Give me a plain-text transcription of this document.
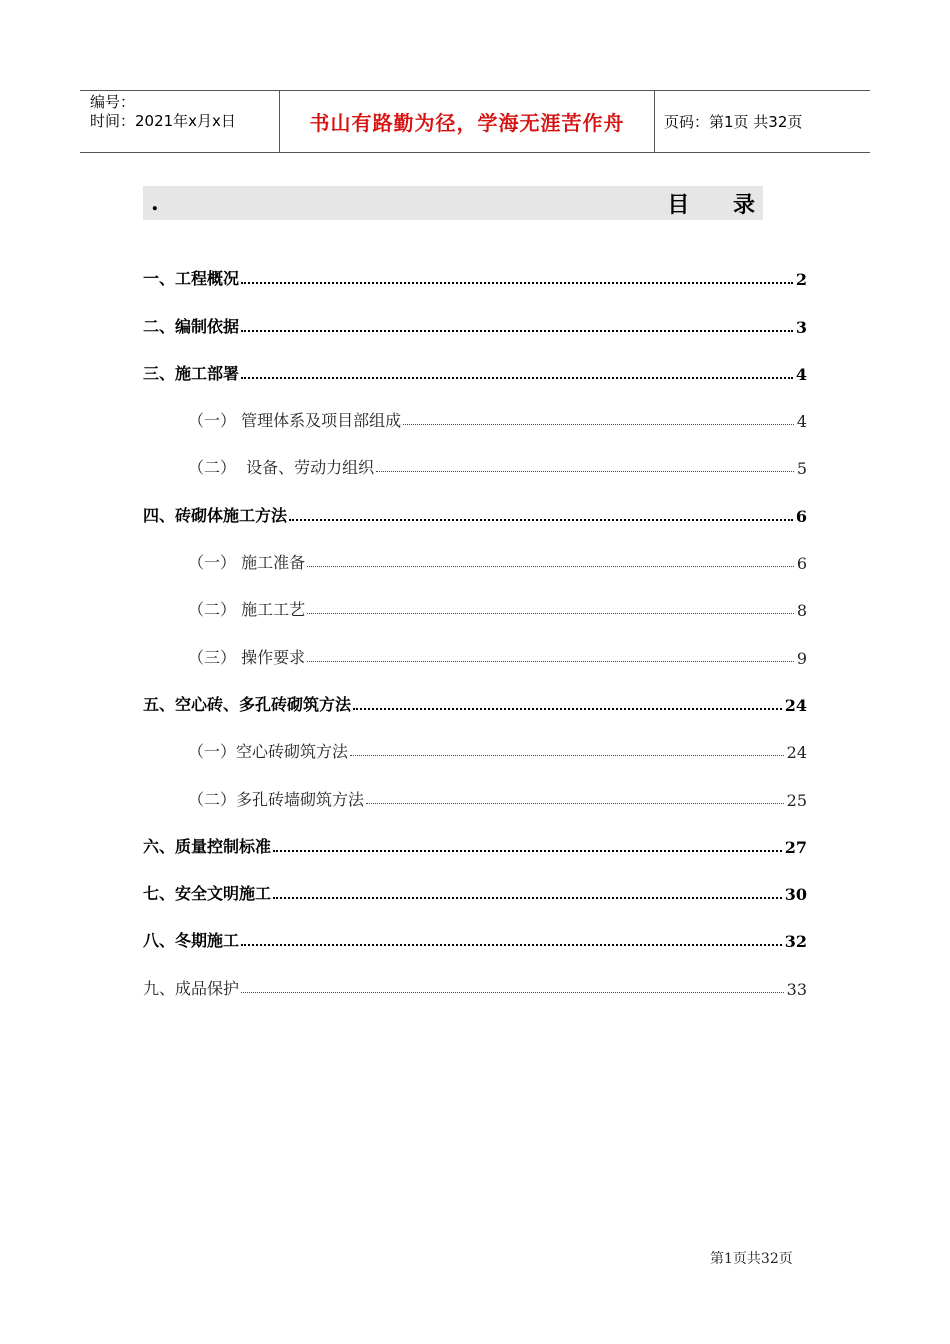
编号：
时间：2021年x月x日	书山有路勤为径，学海无涯苦作舟	页码：第1页 共32页
.	目 录
一、工程概况	2
二、编制依据	3
三、施工部署	4
（一） 管理体系及项目部组成	4
（二）  设备、劳动力组织	5
四、砖砌体施工方法	6
（一） 施工准备	6
（二） 施工工艺	8
（三） 操作要求	9
五、空心砖、多孔砖砌筑方法	24
（一）空心砖砌筑方法	24
（二）多孔砖墙砌筑方法	25
六、质量控制标准	27
七、安全文明施工	30
八、冬期施工	32
九、成品保护	33
第1页共32页
